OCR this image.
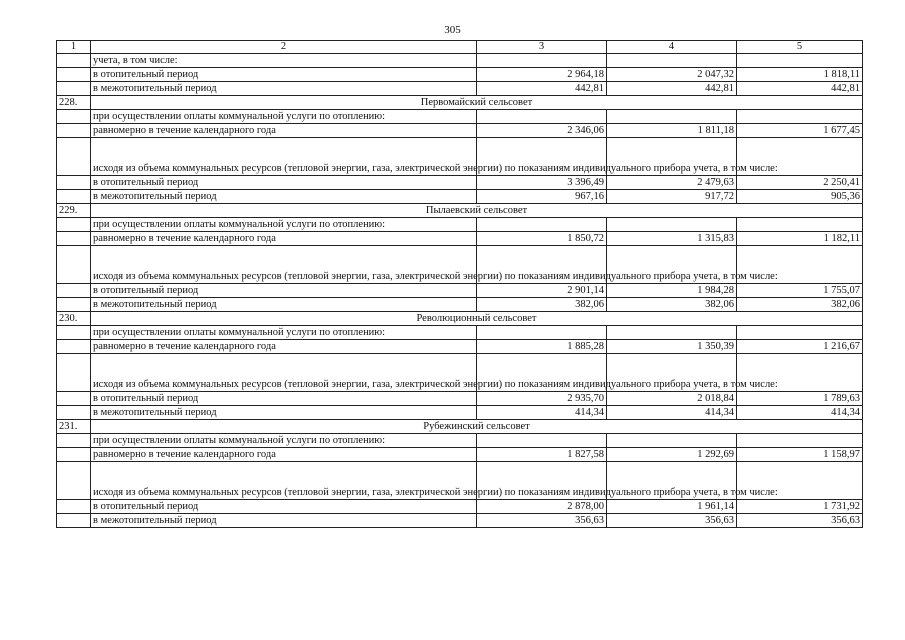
305
1	2	3	4	5
	учета, в том числе:			
	в отопительный период	2 964,18	2 047,32	1 818,11
	в межотопительный период	442,81	442,81	442,81
228.	Первомайский сельсовет			
	при осуществлении оплаты коммунальной услуги по отоплению:			
	равномерно в течение календарного года	2 346,06	1 811,18	1 677,45
	исходя из объема коммунальных ресурсов (тепловой энергии, газа, электрической энергии) по показаниям индивидуального прибора учета, в том числе:			
	в отопительный период	3 396,49	2 479,63	2 250,41
	в межотопительный период	967,16	917,72	905,36
229.	Пылаевский сельсовет			
	при осуществлении оплаты коммунальной услуги по отоплению:			
	равномерно в течение календарного года	1 850,72	1 315,83	1 182,11
	исходя из объема коммунальных ресурсов (тепловой энергии, газа, электрической энергии) по показаниям индивидуального прибора учета, в том числе:			
	в отопительный период	2 901,14	1 984,28	1 755,07
	в межотопительный период	382,06	382,06	382,06
230.	Революционный сельсовет			
	при осуществлении оплаты коммунальной услуги по отоплению:			
	равномерно в течение календарного года	1 885,28	1 350,39	1 216,67
	исходя из объема коммунальных ресурсов (тепловой энергии, газа, электрической энергии) по показаниям индивидуального прибора учета, в том числе:			
	в отопительный период	2 935,70	2 018,84	1 789,63
	в межотопительный период	414,34	414,34	414,34
231.	Рубежинский сельсовет			
	при осуществлении оплаты коммунальной услуги по отоплению:			
	равномерно в течение календарного года	1 827,58	1 292,69	1 158,97
	исходя из объема коммунальных ресурсов (тепловой энергии, газа, электрической энергии) по показаниям индивидуального прибора учета, в том числе:			
	в отопительный период	2 878,00	1 961,14	1 731,92
	в межотопительный период	356,63	356,63	356,63
